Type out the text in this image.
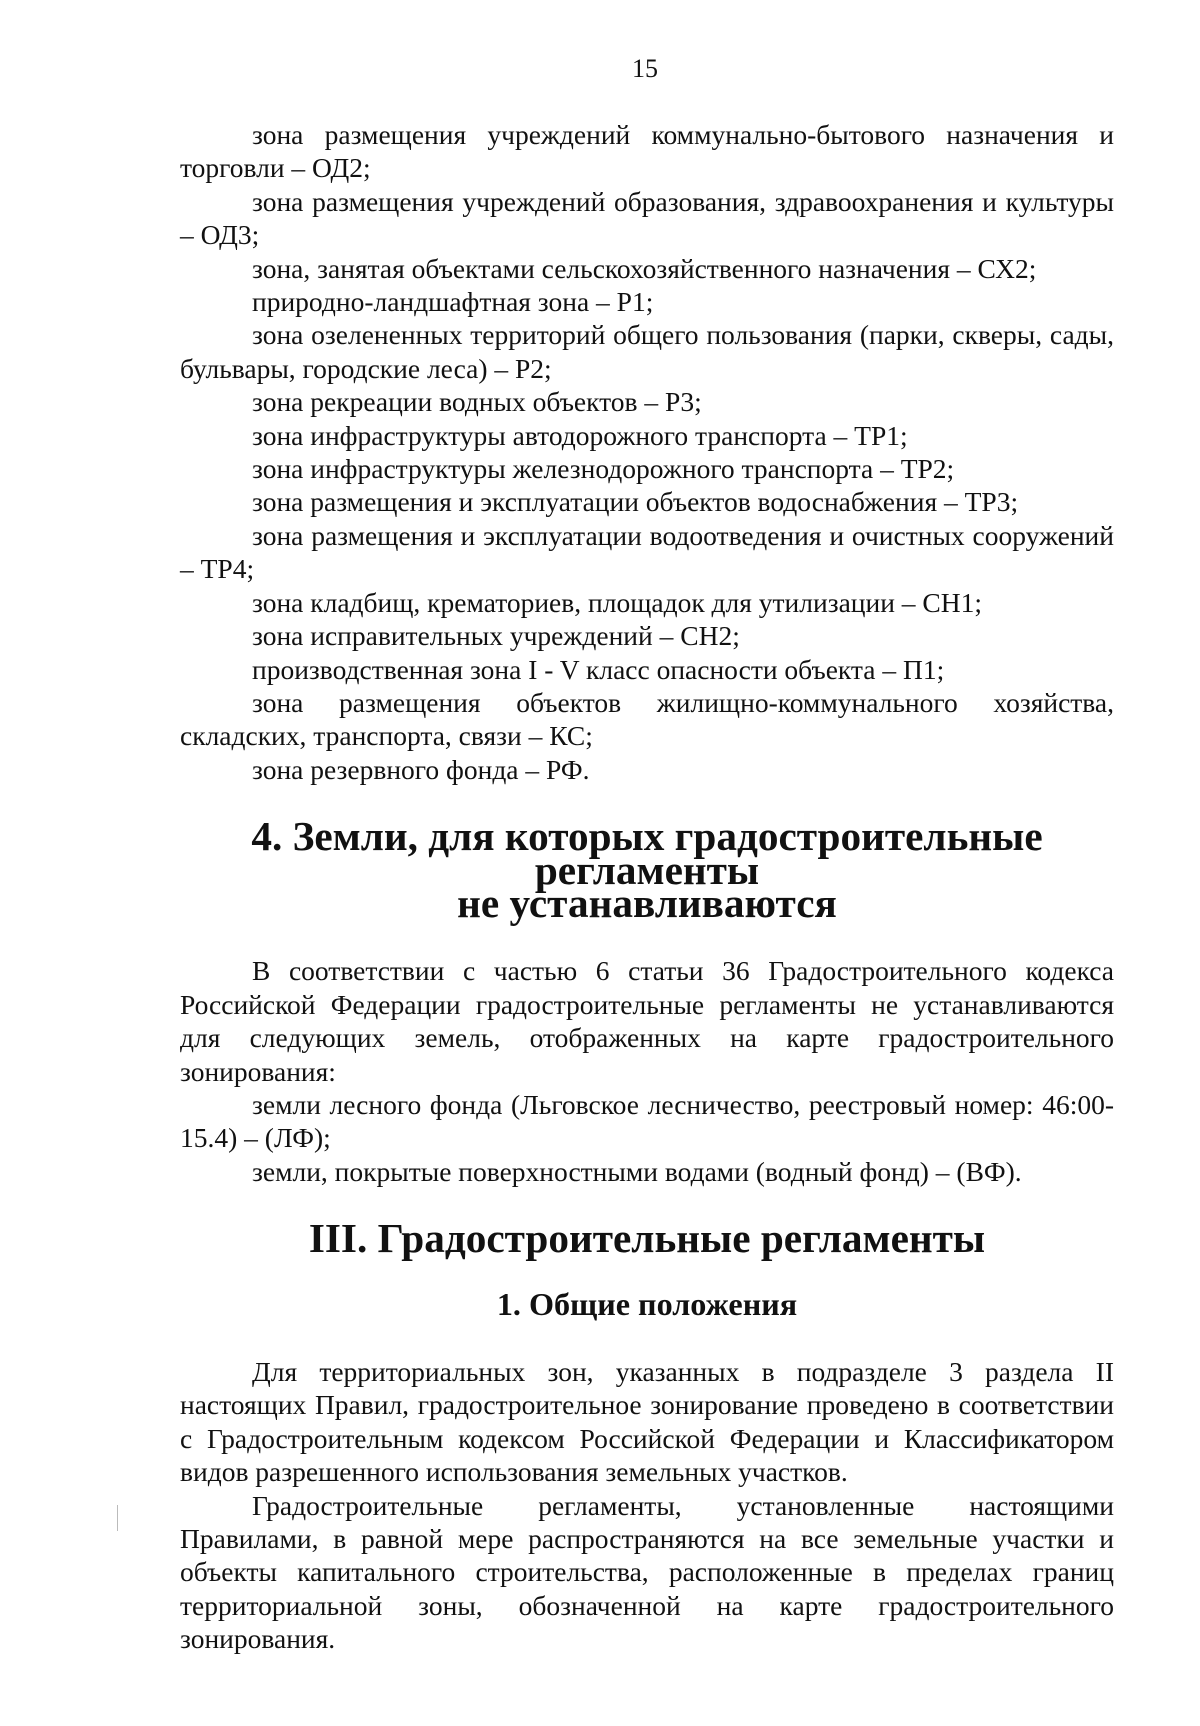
15

зона размещения учреждений коммунально-бытового назначения и торговли – ОД2;

зона размещения учреждений образования, здравоохранения и культуры – ОД3;

зона, занятая объектами сельскохозяйственного назначения – СХ2;

природно-ландшафтная зона – Р1;

зона озелененных территорий общего пользования (парки, скверы, сады, бульвары, городские леса) – Р2;

зона рекреации водных объектов – Р3;

зона инфраструктуры автодорожного транспорта – ТР1;

зона инфраструктуры железнодорожного транспорта – ТР2;

зона размещения и эксплуатации объектов водоснабжения – ТР3;

зона размещения и эксплуатации водоотведения и очистных сооружений – ТР4;

зона кладбищ, крематориев, площадок для утилизации – СН1;

зона исправительных учреждений – СН2;

производственная зона I - V класс опасности объекта – П1;

зона размещения объектов жилищно-коммунального хозяйства, складских, транспорта, связи – КС;

зона резервного фонда – РФ.

4. Земли, для которых градостроительные регламенты
не устанавливаются

В соответствии с частью 6 статьи 36 Градостроительного кодекса Российской Федерации градостроительные регламенты не устанавливаются для следующих земель, отображенных на карте градостроительного зонирования:

земли лесного фонда (Льговское лесничество, реестровый номер: 46:00-15.4) – (ЛФ);

земли, покрытые поверхностными водами (водный фонд) – (ВФ).

III. Градостроительные регламенты
1. Общие положения

Для территориальных зон, указанных в подразделе 3 раздела II настоящих Правил, градостроительное зонирование проведено в соответствии с Градостроительным кодексом Российской Федерации и Классификатором видов разрешенного использования земельных участков.

Градостроительные регламенты, установленные настоящими Правилами, в равной мере распространяются на все земельные участки и объекты капитального строительства, расположенные в пределах границ территориальной зоны, обозначенной на карте градостроительного зонирования.
